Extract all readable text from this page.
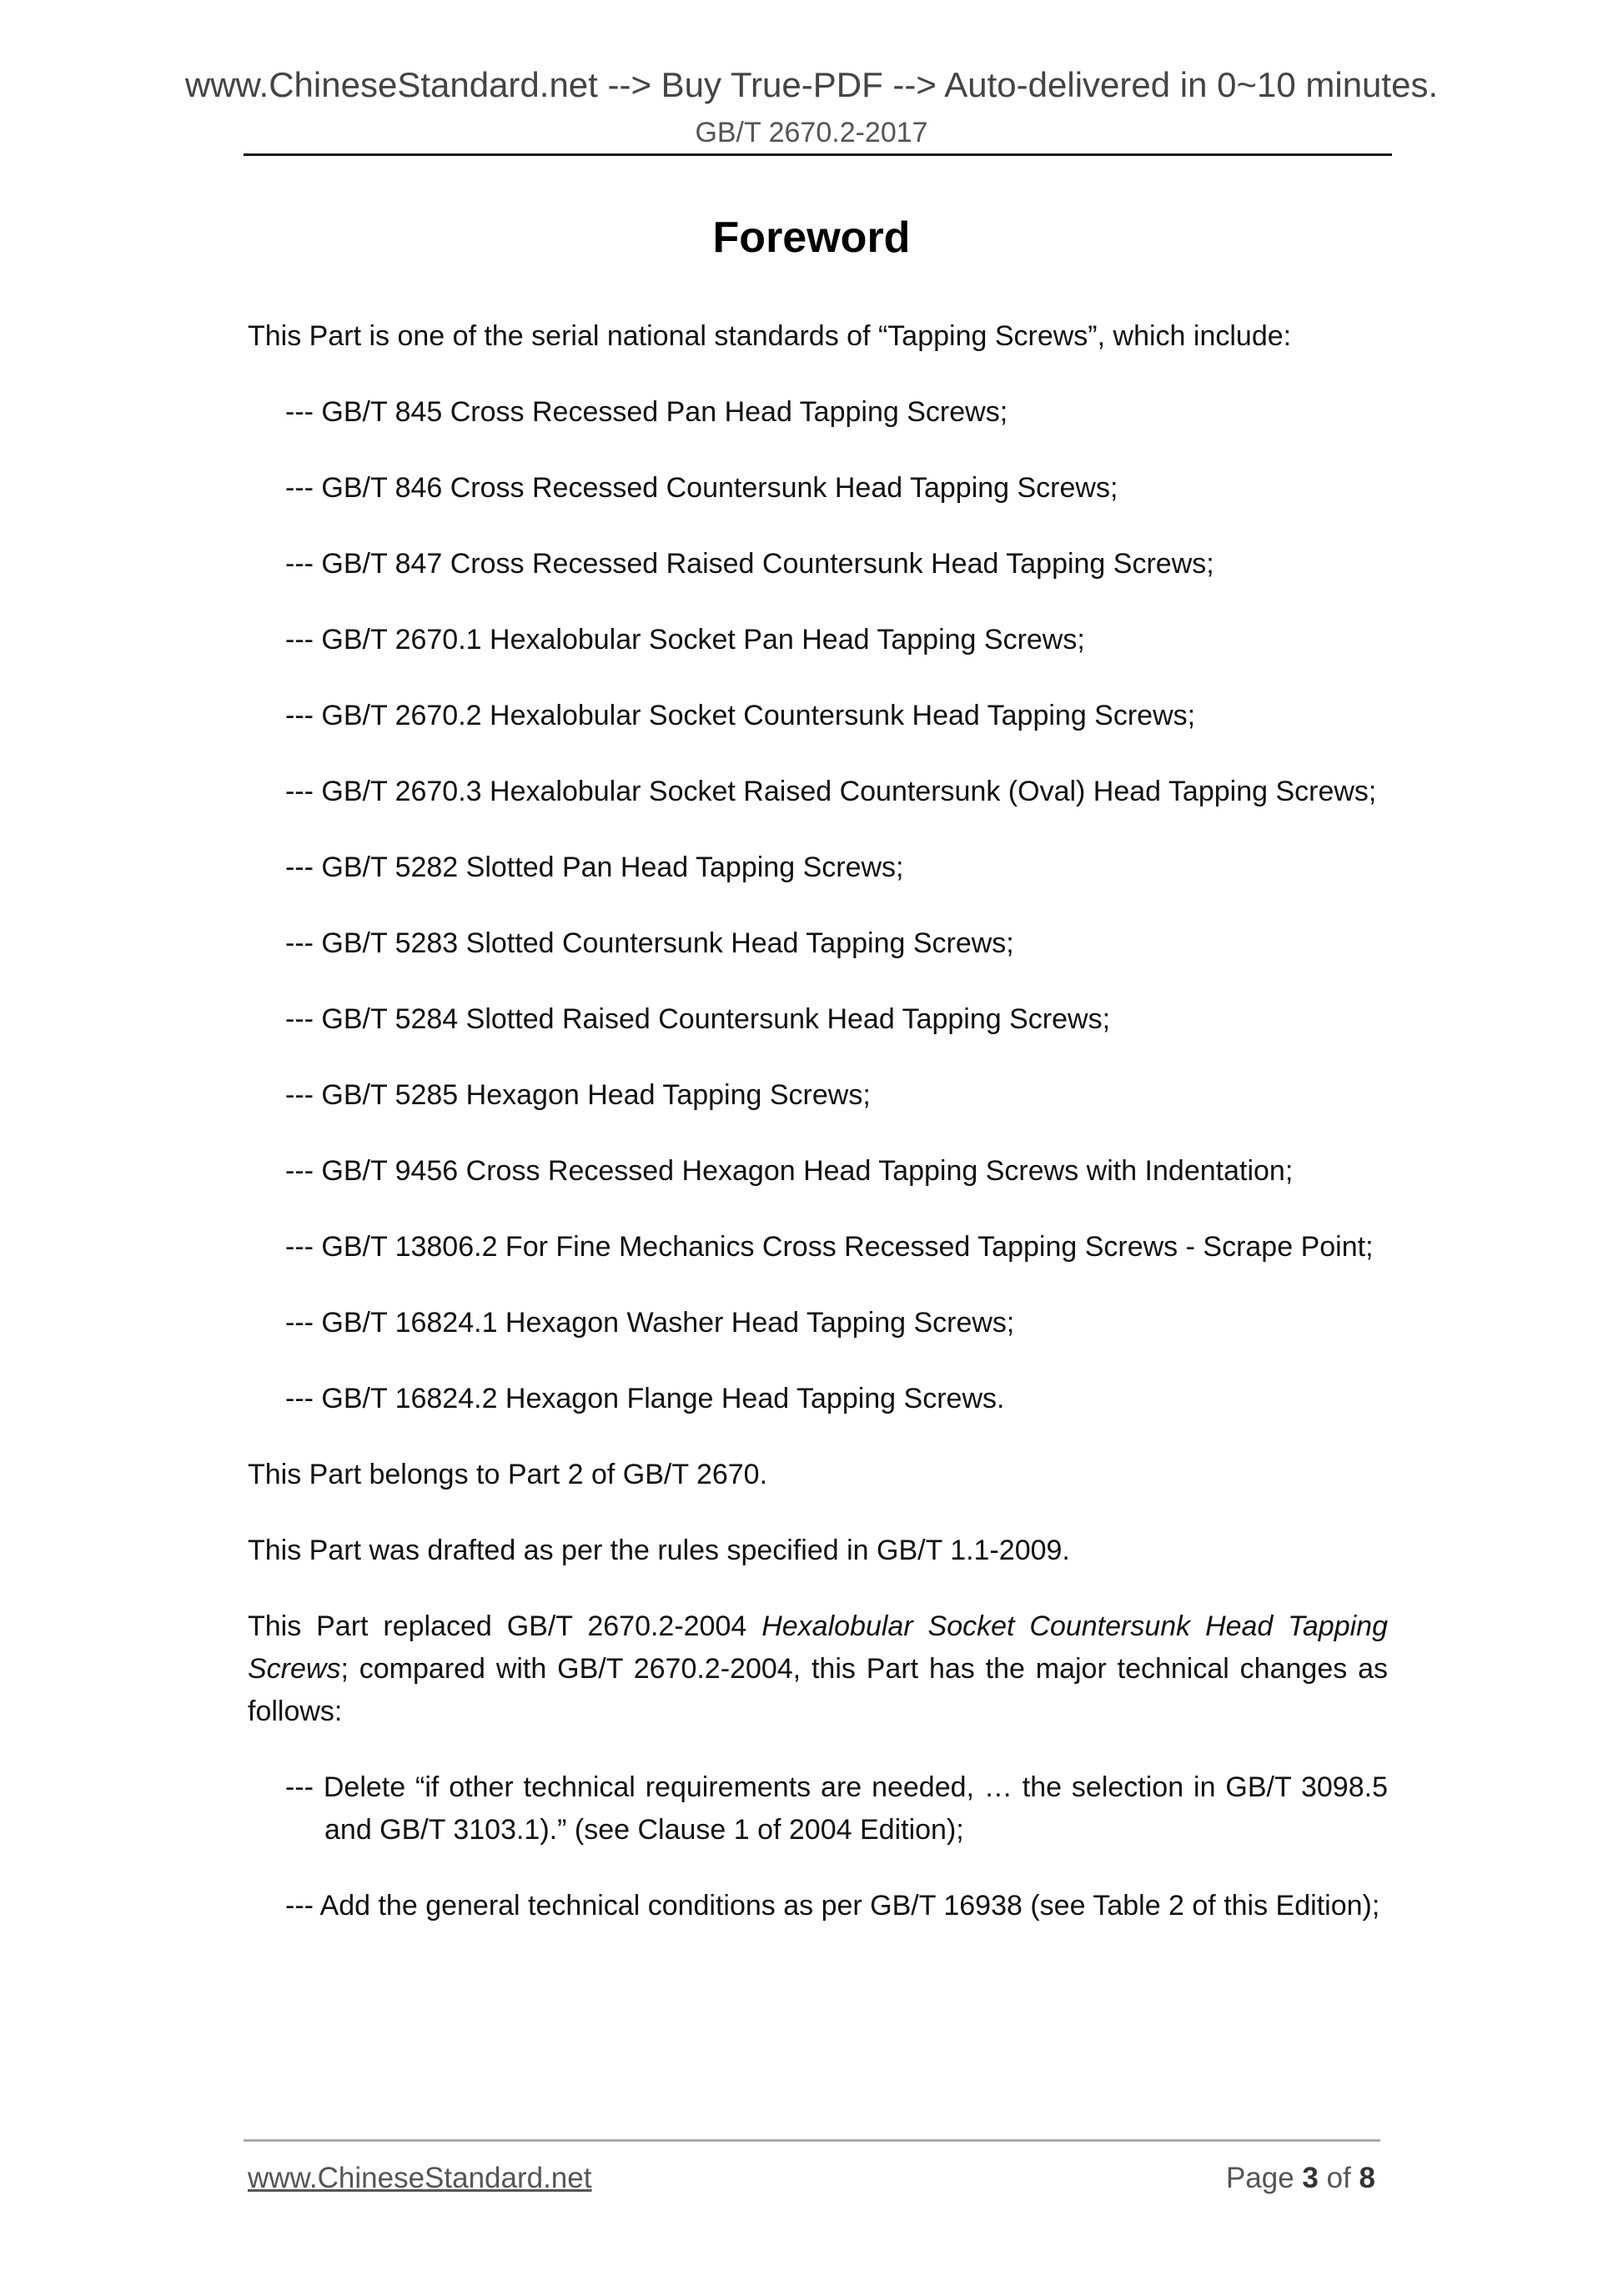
www.ChineseStandard.net --> Buy True-PDF --> Auto-delivered in 0~10 minutes.
GB/T 2670.2-2017
Foreword

This Part is one of the serial national standards of “Tapping Screws”, which include:

--- GB/T 845 Cross Recessed Pan Head Tapping Screws;

--- GB/T 846 Cross Recessed Countersunk Head Tapping Screws;

--- GB/T 847 Cross Recessed Raised Countersunk Head Tapping Screws;

--- GB/T 2670.1 Hexalobular Socket Pan Head Tapping Screws;

--- GB/T 2670.2 Hexalobular Socket Countersunk Head Tapping Screws;

--- GB/T 2670.3 Hexalobular Socket Raised Countersunk (Oval) Head Tapping Screws;

--- GB/T 5282 Slotted Pan Head Tapping Screws;

--- GB/T 5283 Slotted Countersunk Head Tapping Screws;

--- GB/T 5284 Slotted Raised Countersunk Head Tapping Screws;

--- GB/T 5285 Hexagon Head Tapping Screws;

--- GB/T 9456 Cross Recessed Hexagon Head Tapping Screws with Indentation;

--- GB/T 13806.2 For Fine Mechanics Cross Recessed Tapping Screws - Scrape Point;

--- GB/T 16824.1 Hexagon Washer Head Tapping Screws;

--- GB/T 16824.2 Hexagon Flange Head Tapping Screws.

This Part belongs to Part 2 of GB/T 2670.

This Part was drafted as per the rules specified in GB/T 1.1-2009.

This Part replaced GB/T 2670.2-2004 Hexalobular Socket Countersunk Head Tapping Screws; compared with GB/T 2670.2-2004, this Part has the major technical changes as follows:

--- Delete “if other technical requirements are needed, … the selection in GB/T 3098.5 and GB/T 3103.1).” (see Clause 1 of 2004 Edition);

--- Add the general technical conditions as per GB/T 16938 (see Table 2 of this Edition);

www.ChineseStandard.net	Page 3 of 8
